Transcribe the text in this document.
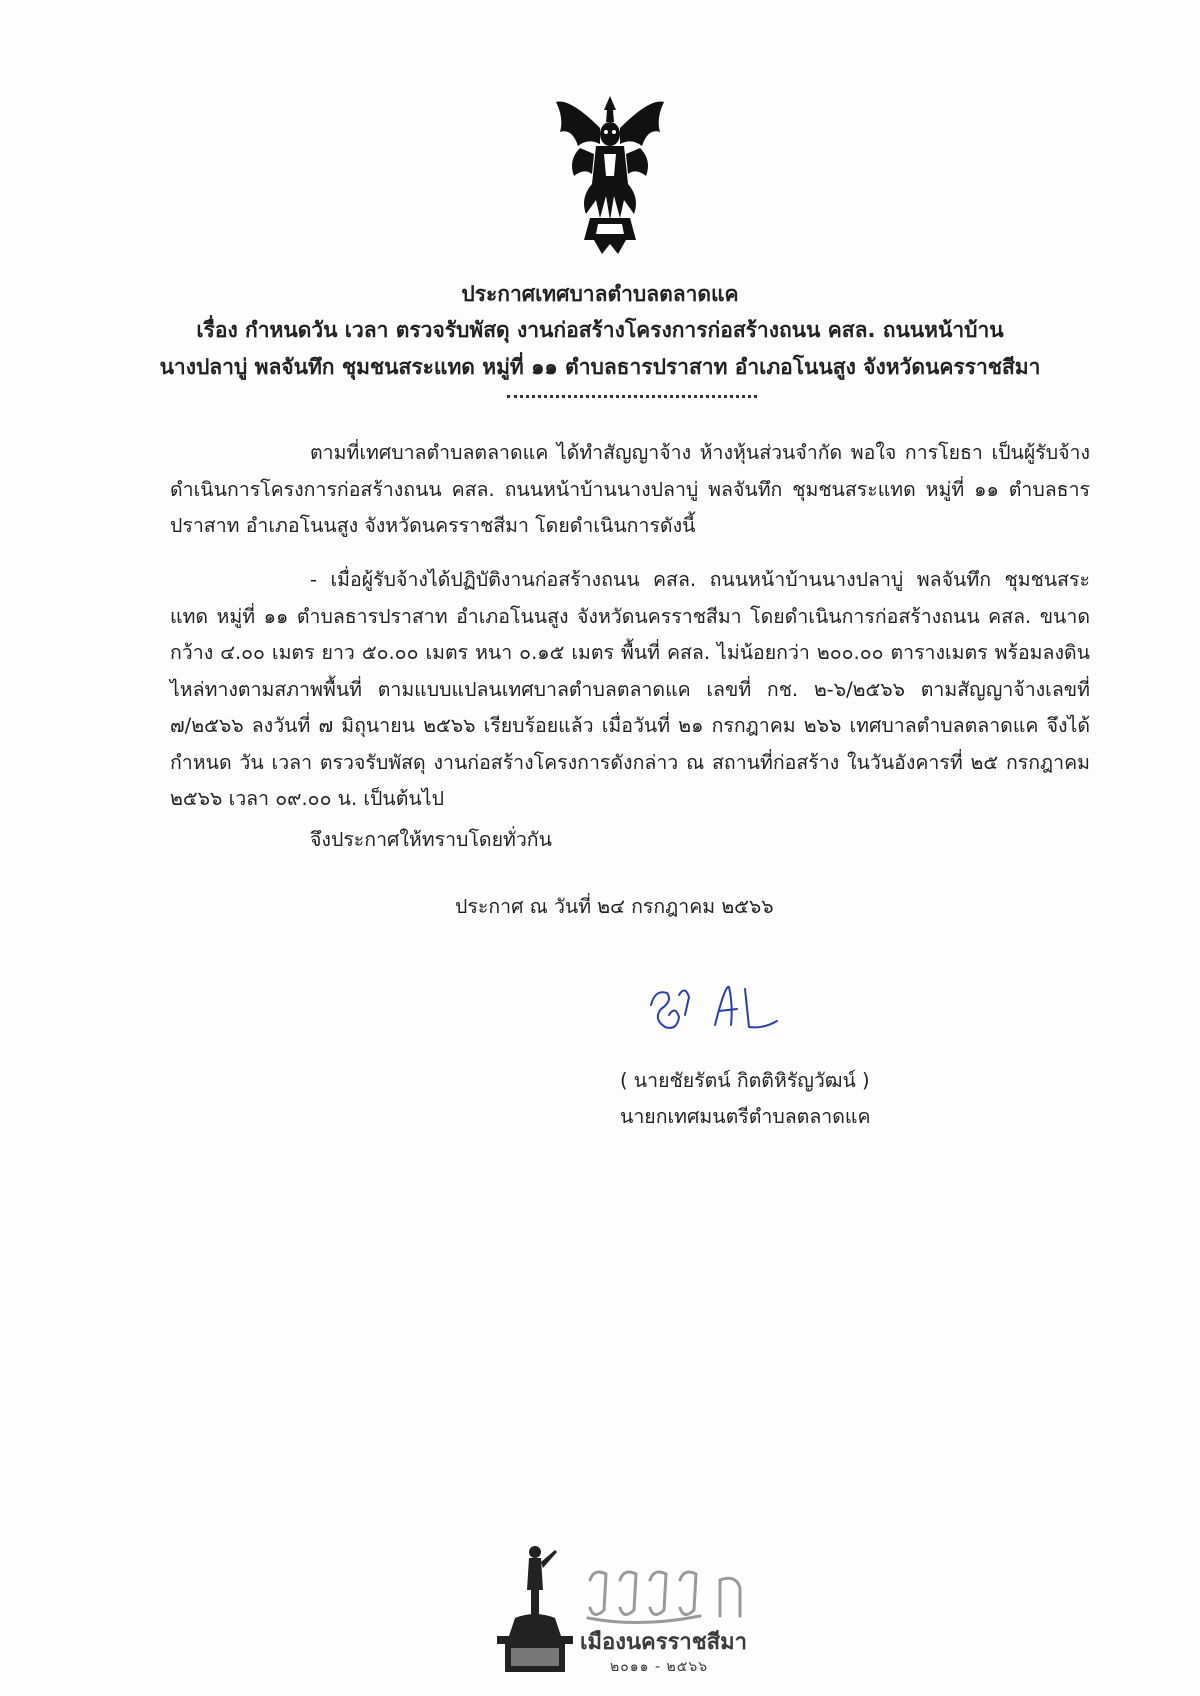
ประกาศเทศบาลตำบลตลาดแค
เรื่อง กำหนดวัน เวลา ตรวจรับพัสดุ งานก่อสร้างโครงการก่อสร้างถนน คสล. ถนนหน้าบ้าน
นางปลาบู่ พลจันทึก ชุมชนสระแทด หมู่ที่ ๑๑ ตำบลธารปราสาท อำเภอโนนสูง จังหวัดนครราชสีมา

ตามที่เทศบาลตำบลตลาดแค ได้ทำสัญญาจ้าง ห้างหุ้นส่วนจำกัด พอใจ การโยธา เป็นผู้รับจ้างดำเนินการโครงการก่อสร้างถนน คสล. ถนนหน้าบ้านนางปลาบู่ พลจันทึก ชุมชนสระแทด หมู่ที่ ๑๑ ตำบลธารปราสาท อำเภอโนนสูง จังหวัดนครราชสีมา โดยดำเนินการดังนี้

- เมื่อผู้รับจ้างได้ปฏิบัติงานก่อสร้างถนน คสล. ถนนหน้าบ้านนางปลาบู่ พลจันทึก ชุมชนสระแทด หมู่ที่ ๑๑ ตำบลธารปราสาท อำเภอโนนสูง จังหวัดนครราชสีมา โดยดำเนินการก่อสร้างถนน คสล. ขนาดกว้าง ๔.๐๐ เมตร ยาว ๕๐.๐๐ เมตร หนา ๐.๑๕ เมตร พื้นที่ คสล. ไม่น้อยกว่า ๒๐๐.๐๐ ตารางเมตร พร้อมลงดินไหล่ทางตามสภาพพื้นที่ ตามแบบแปลนเทศบาลตำบลตลาดแค เลขที่ กช. ๒-๖/๒๕๖๖ ตามสัญญาจ้างเลขที่ ๗/๒๕๖๖ ลงวันที่ ๗ มิถุนายน ๒๕๖๖ เรียบร้อยแล้ว เมื่อวันที่ ๒๑ กรกฎาคม ๒๖๖ เทศบาลตำบลตลาดแค จึงได้กำหนด วัน เวลา ตรวจรับพัสดุ งานก่อสร้างโครงการดังกล่าว ณ สถานที่ก่อสร้าง ในวันอังคารที่ ๒๕ กรกฎาคม ๒๕๖๖ เวลา ๐๙.๐๐ น. เป็นต้นไป

จึงประกาศให้ทราบโดยทั่วกัน

ประกาศ ณ วันที่ ๒๔ กรกฎาคม ๒๕๖๖
( นายชัยรัตน์ กิตติหิรัญวัฒน์ )
นายกเทศมนตรีตำบลตลาดแค
เมืองนครราชสีมา
๒๐๑๑ - ๒๕๖๖
